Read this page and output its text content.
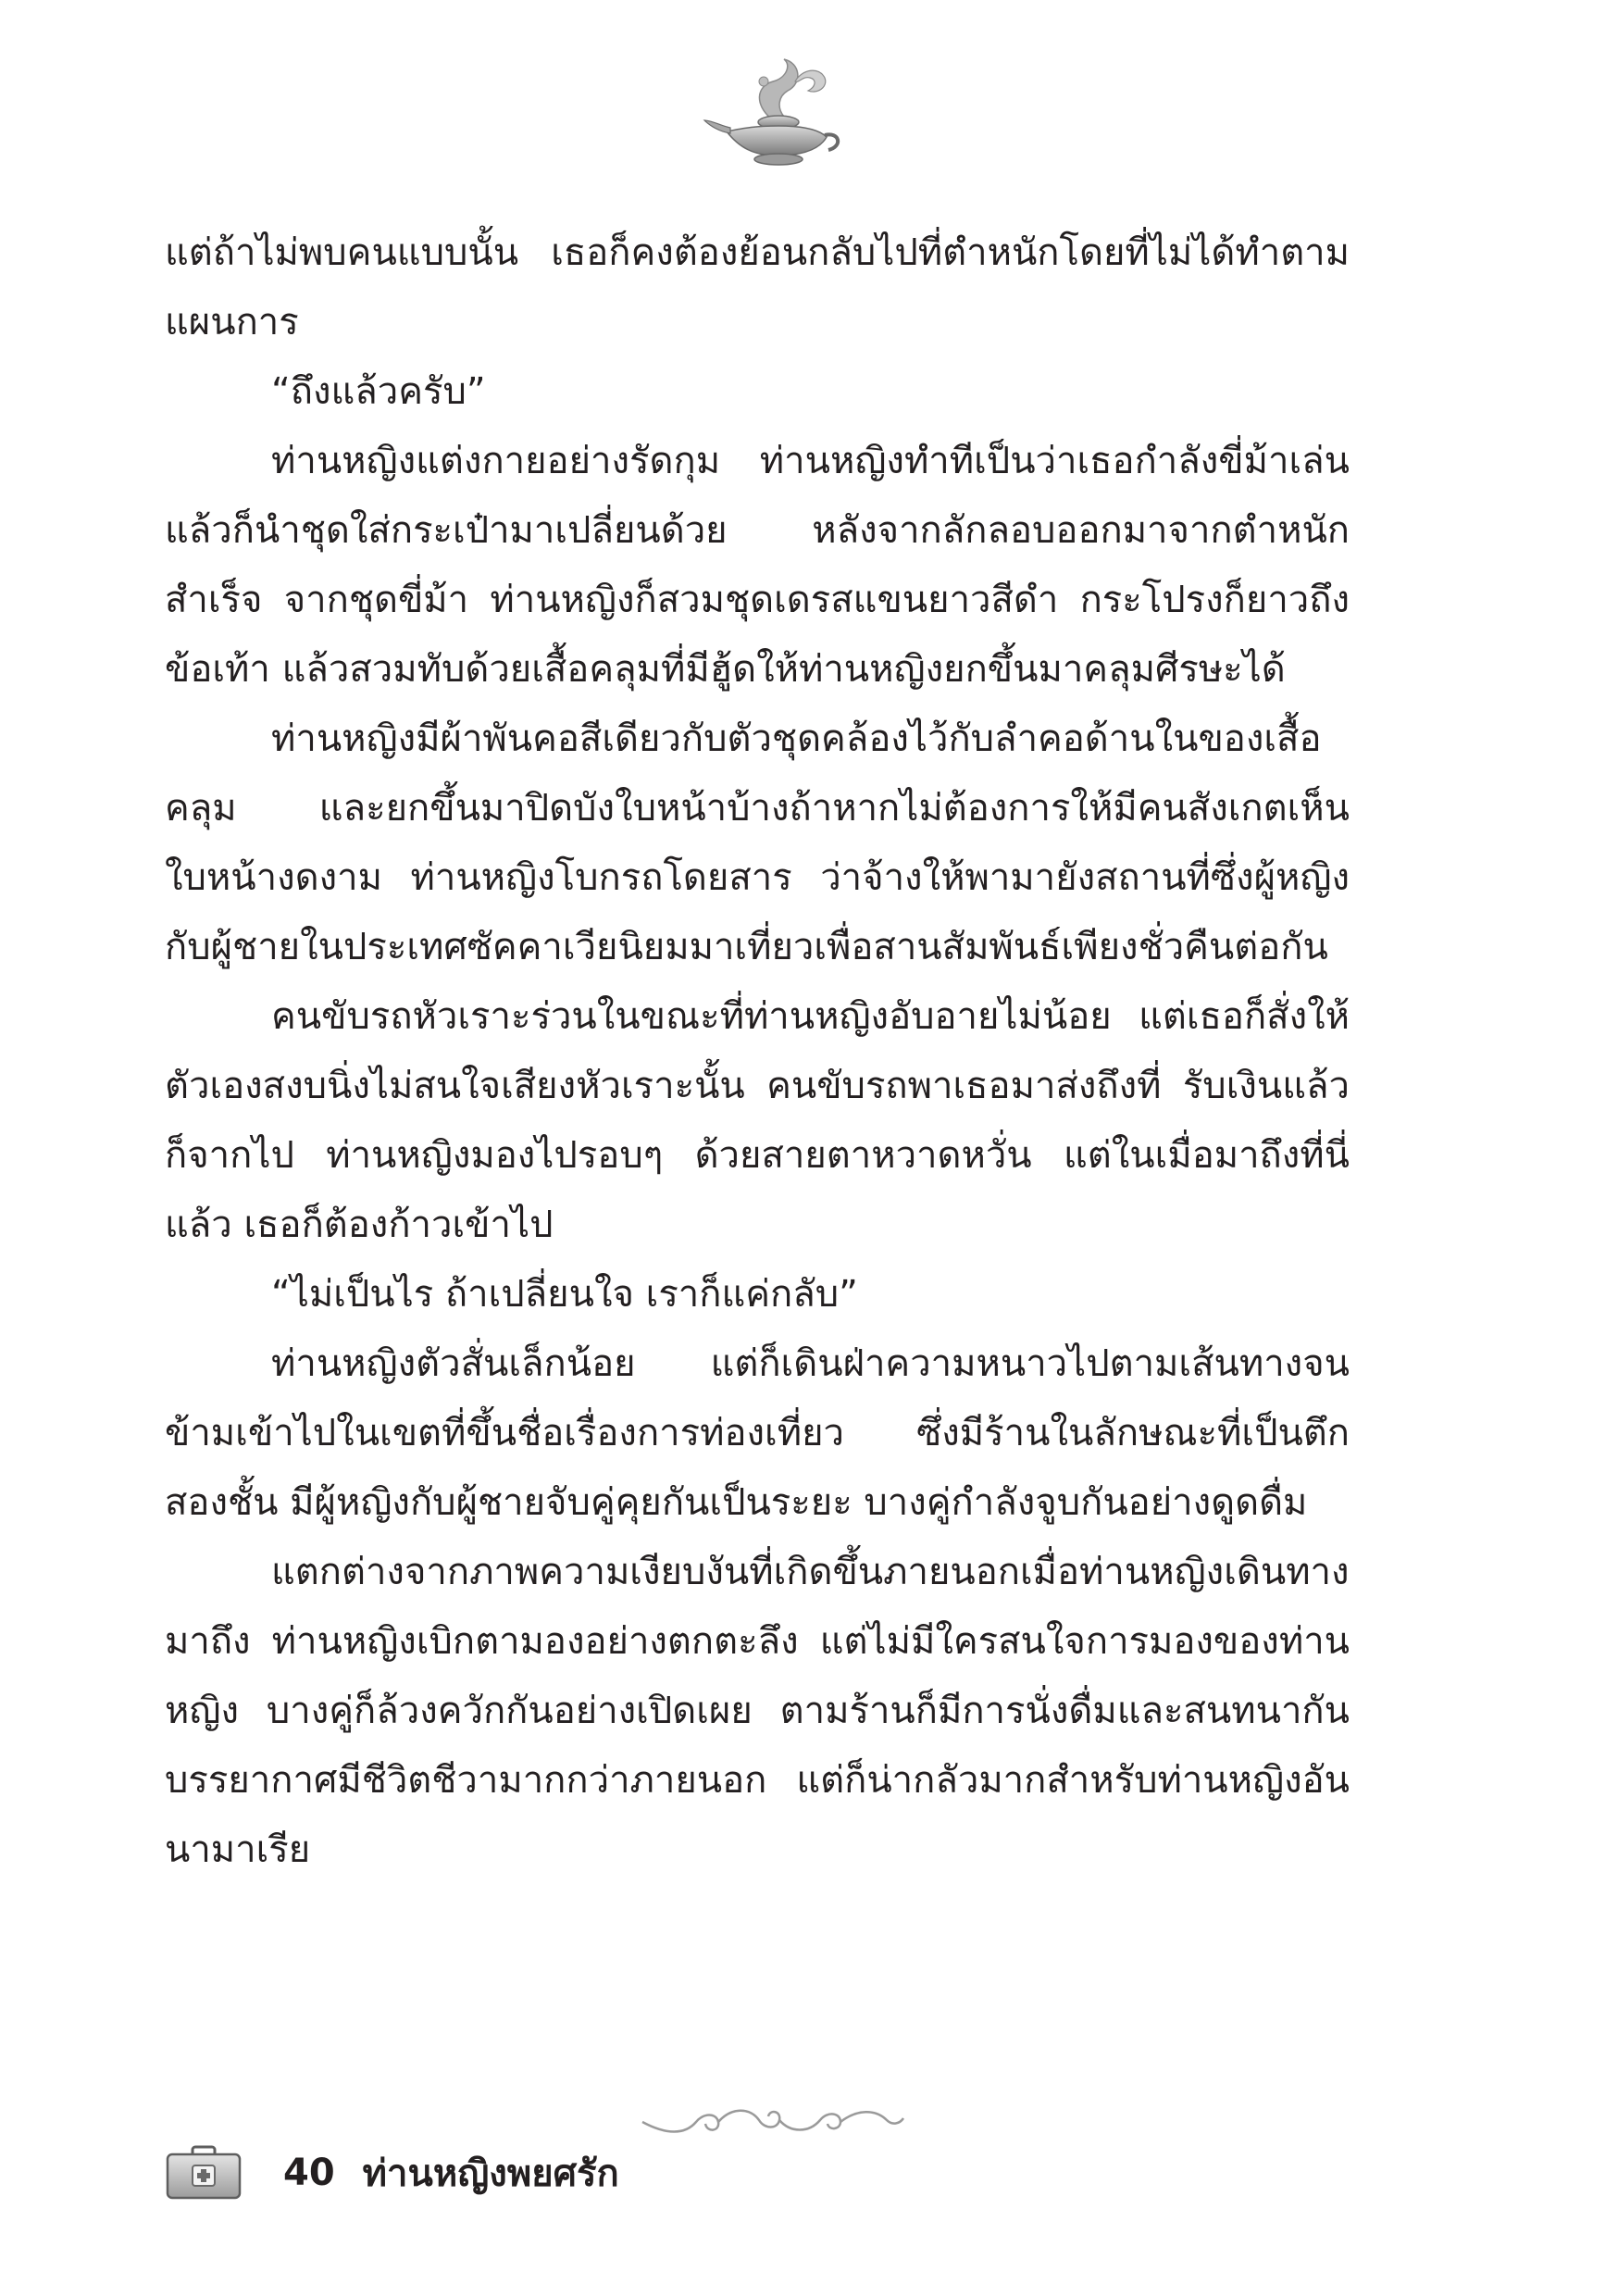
แต่ถ้าไม่พบคนแบบนั้น เธอก็คงต้องย้อนกลับไปที่ตำหนักโดยที่ไม่ได้ทำตามแผนการ

“ถึงแล้วครับ”

ท่านหญิงแต่งกายอย่างรัดกุม ท่านหญิงทำทีเป็นว่าเธอกำลังขี่ม้าเล่น แล้วก็นำชุดใส่กระเป๋ามาเปลี่ยนด้วย หลังจากลักลอบออกมาจากตำหนักสำเร็จ จากชุดขี่ม้า ท่านหญิงก็สวมชุดเดรสแขนยาวสีดำ กระโปรงก็ยาวถึงข้อเท้า แล้วสวมทับด้วยเสื้อคลุมที่มีฮู้ดให้ท่านหญิงยกขึ้นมาคลุมศีรษะได้

ท่านหญิงมีผ้าพันคอสีเดียวกับตัวชุดคล้องไว้กับลำคอด้านในของเสื้อคลุม และยกขึ้นมาปิดบังใบหน้าบ้างถ้าหากไม่ต้องการให้มีคนสังเกตเห็นใบหน้างดงาม ท่านหญิงโบกรถโดยสาร ว่าจ้างให้พามายังสถานที่ซึ่งผู้หญิงกับผู้ชายในประเทศซัคคาเวียนิยมมาเที่ยวเพื่อสานสัมพันธ์เพียงชั่วคืนต่อกัน

คนขับรถหัวเราะร่วนในขณะที่ท่านหญิงอับอายไม่น้อย แต่เธอก็สั่งให้ตัวเองสงบนิ่งไม่สนใจเสียงหัวเราะนั้น คนขับรถพาเธอมาส่งถึงที่ รับเงินแล้วก็จากไป ท่านหญิงมองไปรอบๆ ด้วยสายตาหวาดหวั่น แต่ในเมื่อมาถึงที่นี่แล้ว เธอก็ต้องก้าวเข้าไป

“ไม่เป็นไร ถ้าเปลี่ยนใจ เราก็แค่กลับ”

ท่านหญิงตัวสั่นเล็กน้อย แต่ก็เดินฝ่าความหนาวไปตามเส้นทางจนข้ามเข้าไปในเขตที่ขึ้นชื่อเรื่องการท่องเที่ยว ซึ่งมีร้านในลักษณะที่เป็นตึกสองชั้น มีผู้หญิงกับผู้ชายจับคู่คุยกันเป็นระยะ บางคู่กำลังจูบกันอย่างดูดดื่ม

แตกต่างจากภาพความเงียบงันที่เกิดขึ้นภายนอกเมื่อท่านหญิงเดินทางมาถึง ท่านหญิงเบิกตามองอย่างตกตะลึง แต่ไม่มีใครสนใจการมองของท่านหญิง บางคู่ก็ล้วงควักกันอย่างเปิดเผย ตามร้านก็มีการนั่งดื่มและสนทนากัน บรรยากาศมีชีวิตชีวามากกว่าภายนอก แต่ก็น่ากลัวมากสำหรับท่านหญิงอันนามาเรีย

40 ท่านหญิงพยศรัก
